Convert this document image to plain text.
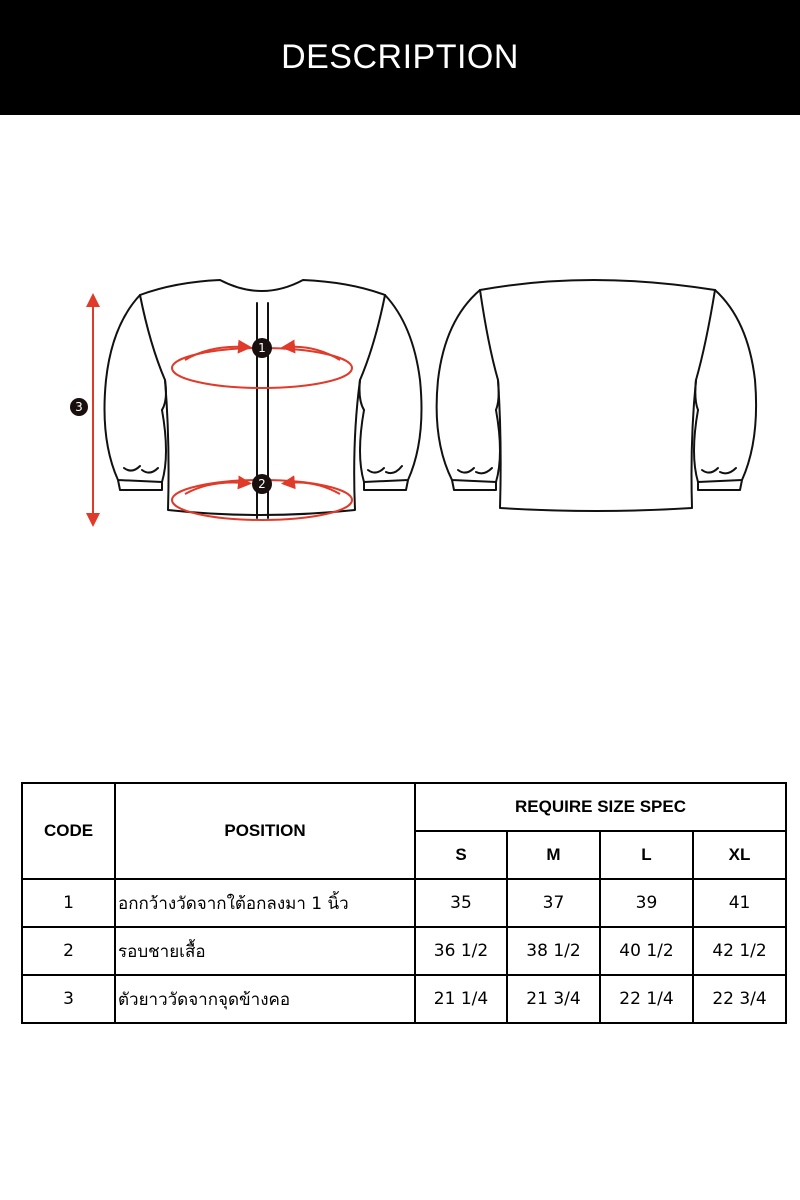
DESCRIPTION
1
2
3
CODE	POSITION	REQUIRE SIZE SPEC			
		S	M	L	XL
1	อกกว้างวัดจากใต้อกลงมา 1 นิ้ว	35	37	39	41
2	รอบชายเสื้อ	36 1/2	38 1/2	40 1/2	42 1/2
3	ตัวยาววัดจากจุดข้างคอ	21 1/4	21 3/4	22 1/4	22 3/4
